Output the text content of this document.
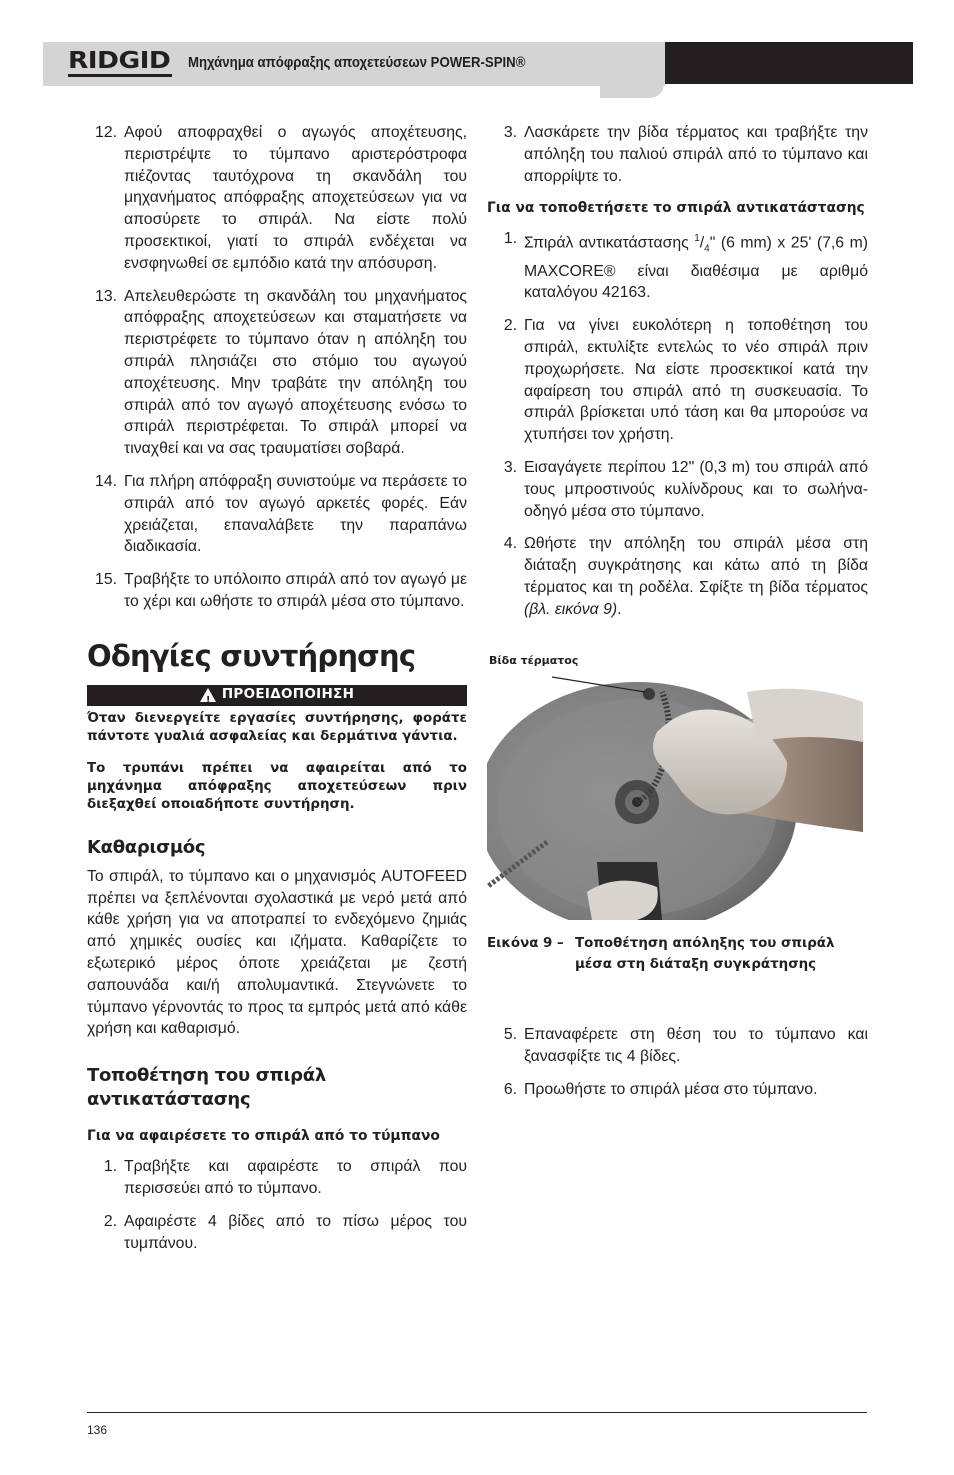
RIDGID Μηχάνημα απόφραξης αποχετεύσεων POWER-SPIN®
12. Αφού αποφραχθεί ο αγωγός αποχέτευσης, περιστρέψτε το τύμπανο αριστερόστροφα πιέζοντας ταυτόχρονα τη σκανδάλη του μηχανήματος απόφραξης αποχετεύσεων για να αποσύρετε το σπιράλ. Να είστε πολύ προσεκτικοί, γιατί το σπιράλ ενδέχεται να ενσφηνωθεί σε εμπόδιο κατά την απόσυρση.
13. Απελευθερώστε τη σκανδάλη του μηχανήματος απόφραξης αποχετεύσεων και σταματήσετε να περιστρέφετε το τύμπανο όταν η απόληξη του σπιράλ πλησιάζει στο στόμιο του αγωγού αποχέτευσης. Μην τραβάτε την απόληξη του σπιράλ από τον αγωγό αποχέτευσης ενόσω το σπιράλ περιστρέφεται. Το σπιράλ μπορεί να τιναχθεί και να σας τραυματίσει σοβαρά.
14. Για πλήρη απόφραξη συνιστούμε να περάσετε το σπιράλ από τον αγωγό αρκετές φορές. Εάν χρειάζεται, επαναλάβετε την παραπάνω διαδικασία.
15. Τραβήξτε το υπόλοιπο σπιράλ από τον αγωγό με το χέρι και ωθήστε το σπιράλ μέσα στο τύμπανο.
Οδηγίες συντήρησης
!
ΠΡΟΕΙΔΟΠΟΙΗΣΗ
Όταν διενεργείτε εργασίες συντήρησης, φοράτε πάντοτε γυαλιά ασφαλείας και δερμάτινα γάντια.
Το τρυπάνι πρέπει να αφαιρείται από το μηχάνημα απόφραξης αποχετεύσεων πριν διεξαχθεί οποιαδήποτε συντήρηση.
Καθαρισμός
Το σπιράλ, το τύμπανο και ο μηχανισμός AUTOFEED πρέπει να ξεπλένονται σχολαστικά με νερό μετά από κάθε χρήση για να αποτραπεί το ενδεχόμενο ζημιάς από χημικές ουσίες και ιζήματα. Καθαρίζετε το εξωτερικό μέρος όποτε χρειάζεται με ζεστή σαπουνάδα και/ή απολυμαντικά. Στεγνώνετε το τύμπανο γέρνοντάς το προς τα εμπρός μετά από κάθε χρήση και καθαρισμό.
Τοποθέτηση του σπιράλ
αντικατάστασης
Για να αφαιρέσετε το σπιράλ από το τύμπανο
1. Τραβήξτε και αφαιρέστε το σπιράλ που περισσεύει από το τύμπανο.
2. Αφαιρέστε 4 βίδες από το πίσω μέρος του τυμπάνου.
3. Λασκάρετε την βίδα τέρματος και τραβήξτε την απόληξη του παλιού σπιράλ από το τύμπανο και απορρίψτε το.
Για να τοποθετήσετε το σπιράλ αντικατάστασης
1. Σπιράλ αντικατάστασης $^1/_4$" (6 mm) x 25' (7,6 m) MAXCORE® είναι διαθέσιμα με αριθμό καταλόγου 42163.
2. Για να γίνει ευκολότερη η τοποθέτηση του σπιράλ, εκτυλίξτε εντελώς το νέο σπιράλ πριν προχωρήσετε. Να είστε προσεκτικοί κατά την αφαίρεση του σπιράλ από τη συσκευασία. Το σπιράλ βρίσκεται υπό τάση και θα μπορούσε να χτυπήσει τον χρήστη.
3. Εισαγάγετε περίπου 12" (0,3 m) του σπιράλ από τους μπροστινούς κυλίνδρους και το σωλήνα-οδηγό μέσα στο τύμπανο.
4. Ωθήστε την απόληξη του σπιράλ μέσα στη διάταξη συγκράτησης και κάτω από τη βίδα τέρματος και τη ροδέλα. Σφίξτε τη βίδα τέρματος (βλ. εικόνα 9).
Βίδα τέρματος
Εικόνα 9 – Τοποθέτηση απόληξης του σπιράλ μέσα στη διάταξη συγκράτησης
5. Επαναφέρετε στη θέση του το τύμπανο και ξανασφίξτε τις 4 βίδες.
6. Προωθήστε το σπιράλ μέσα στο τύμπανο.
136
